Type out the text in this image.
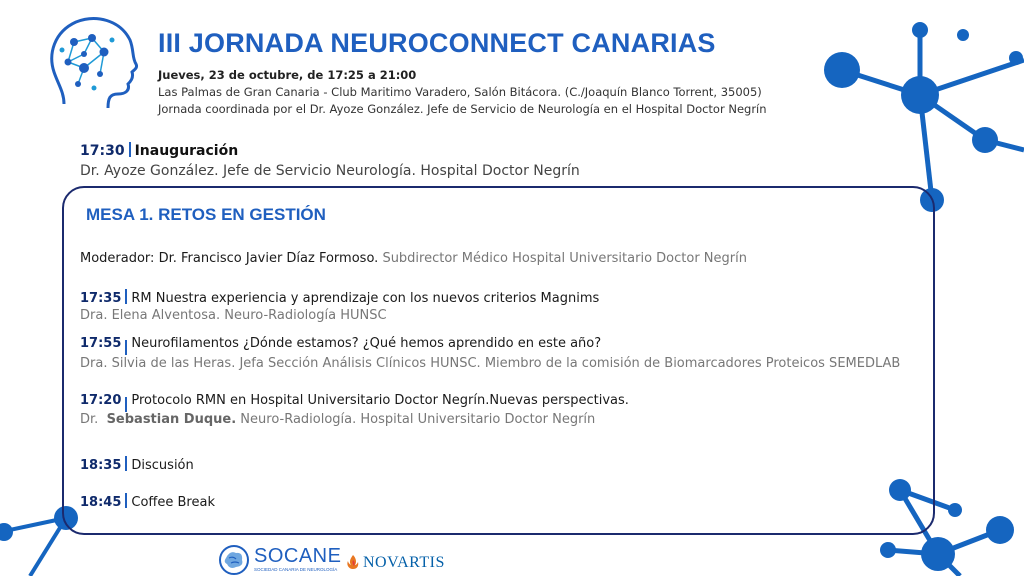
III JORNADA NEUROCONNECT CANARIAS
Jueves, 23 de octubre, de 17:25 a 21:00
Las Palmas de Gran Canaria - Club Maritimo Varadero, Salón Bitácora. (C./Joaquín Blanco Torrent, 35005)
Jornada coordinada por el Dr. Ayoze González. Jefe de Servicio de Neurología en el Hospital Doctor Negrín
17:30 Inauguración
Dr. Ayoze González. Jefe de Servicio Neurología. Hospital Doctor Negrín
MESA 1. RETOS EN GESTIÓN
Moderador: Dr. Francisco Javier Díaz Formoso. Subdirector Médico Hospital Universitario Doctor Negrín
17:35 RM Nuestra experiencia y aprendizaje con los nuevos criterios Magnims
Dra. Elena Alventosa. Neuro-Radiología HUNSC
17:55 Neurofilamentos ¿Dónde estamos? ¿Qué hemos aprendido en este año?
Dra. Silvia de las Heras. Jefa Sección Análisis Clínicos HUNSC. Miembro de la comisión de Biomarcadores Proteicos SEMEDLAB
17:20 Protocolo RMN en Hospital Universitario Doctor Negrín.Nuevas perspectivas.
Dr. Sebastian Duque. Neuro-Radiología. Hospital Universitario Doctor Negrín
18:35 Discusión
18:45 Coffee Break
SOCANE
SOCIEDAD CANARIA DE NEUROLOGÍA NOVARTIS
